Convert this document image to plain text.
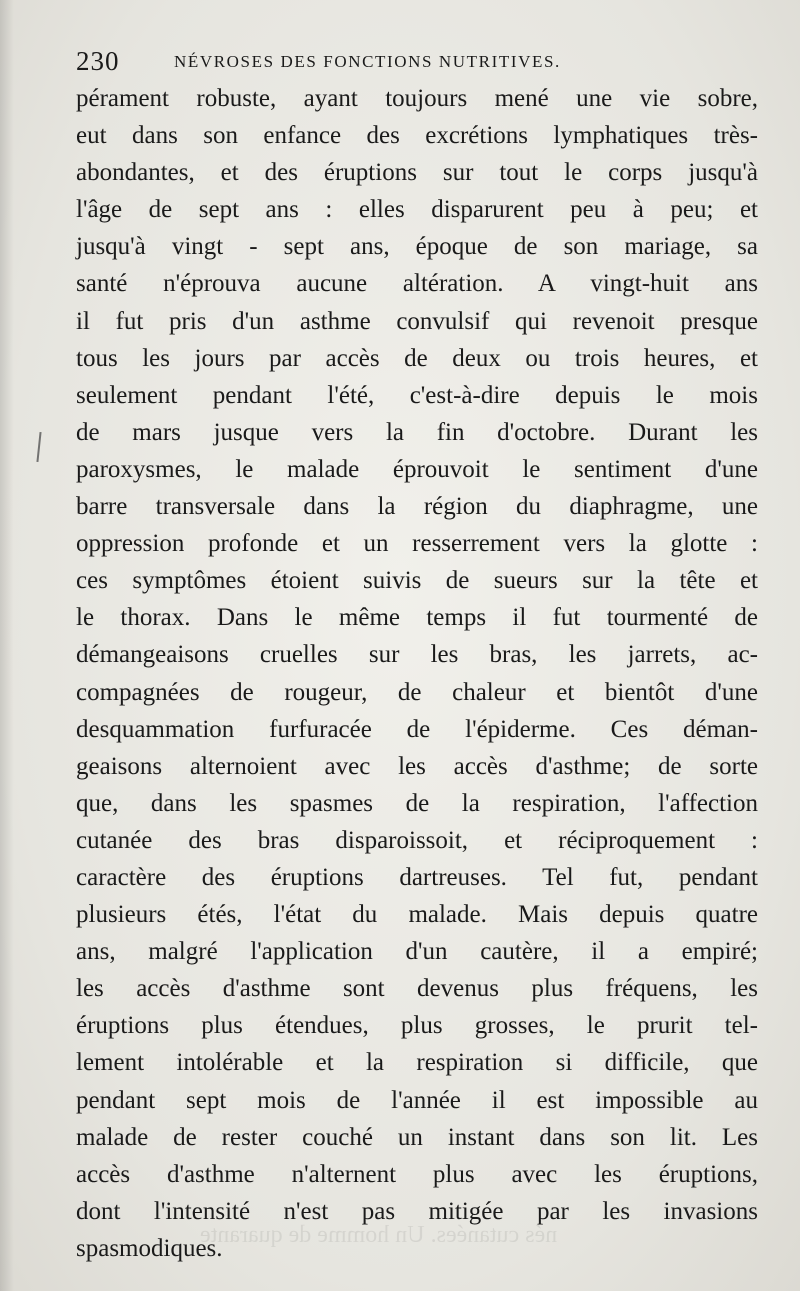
230	NÉVROSES DES FONCTIONS NUTRITIVES.
pérament robuste, ayant toujours mené une vie sobre,
eut dans son enfance des excrétions lymphatiques très-
abondantes, et des éruptions sur tout le corps jusqu'à
l'âge de sept ans : elles disparurent peu à peu; et
jusqu'à vingt - sept ans, époque de son mariage, sa
santé n'éprouva aucune altération. A vingt-huit ans
il fut pris d'un asthme convulsif qui revenoit presque
tous les jours par accès de deux ou trois heures, et
seulement pendant l'été, c'est-à-dire depuis le mois
de mars jusque vers la fin d'octobre. Durant les
paroxysmes, le malade éprouvoit le sentiment d'une
barre transversale dans la région du diaphragme, une
oppression profonde et un resserrement vers la glotte :
ces symptômes étoient suivis de sueurs sur la tête et
le thorax. Dans le même temps il fut tourmenté de
démangeaisons cruelles sur les bras, les jarrets, ac-
compagnées de rougeur, de chaleur et bientôt d'une
desquammation furfuracée de l'épiderme. Ces déman-
geaisons alternoient avec les accès d'asthme; de sorte
que, dans les spasmes de la respiration, l'affection
cutanée des bras disparoissoit, et réciproquement :
caractère des éruptions dartreuses. Tel fut, pendant
plusieurs étés, l'état du malade. Mais depuis quatre
ans, malgré l'application d'un cautère, il a empiré;
les accès d'asthme sont devenus plus fréquens, les
éruptions plus étendues, plus grosses, le prurit tel-
lement intolérable et la respiration si difficile, que
pendant sept mois de l'année il est impossible au
malade de rester couché un instant dans son lit. Les
accès d'asthme n'alternent plus avec les éruptions,
dont l'intensité n'est pas mitigée par les invasions
spasmodiques.
nés cutanées. Un homme de quarante
